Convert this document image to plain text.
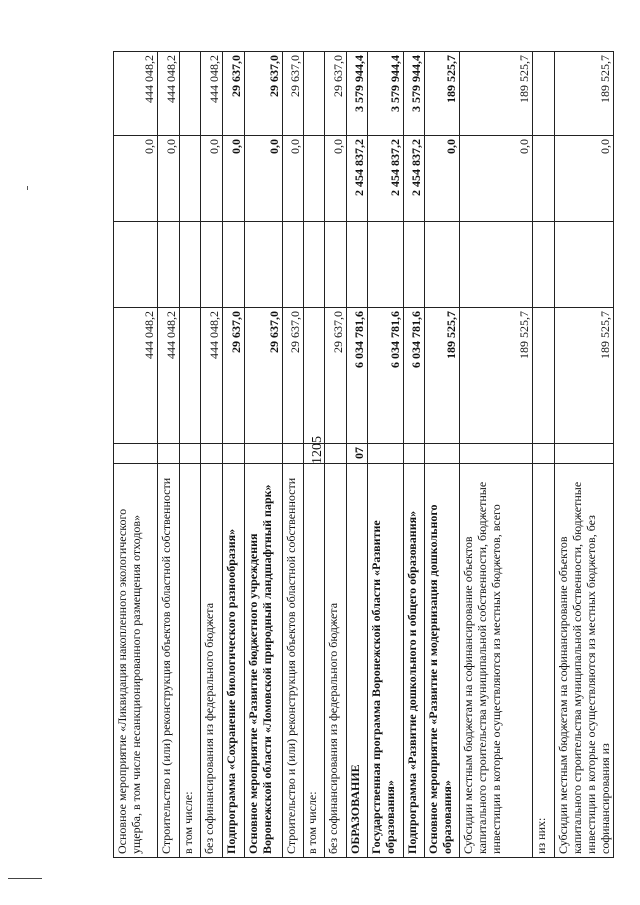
1205
Основное мероприятие «Ликвидация накопленного экологического ущерба, в том числе несанкционированного размещения отходов»		444 048,2		0,0	444 048,2
Строительство и (или) реконструкция объектов областной собственности		444 048,2		0,0	444 048,2
в том числе:					
без софинансирования из федерального бюджета		444 048,2		0,0	444 048,2
Подпрограмма «Сохранение биологического разнообразия»		29 637,0		0,0	29 637,0
Основное мероприятие «Развитие бюджетного учреждения Воронежской области «Ломовской природный ландшафтный парк»		29 637,0		0,0	29 637,0
Строительство и (или) реконструкция объектов областной собственности		29 637,0		0,0	29 637,0
в том числе:					
без софинансирования из федерального бюджета		29 637,0		0,0	29 637,0
ОБРАЗОВАНИЕ	07	6 034 781,6		2 454 837,2	3 579 944,4
Государственная программа Воронежской области «Развитие образования»		6 034 781,6		2 454 837,2	3 579 944,4
Подпрограмма «Развитие дошкольного и общего образования»		6 034 781,6		2 454 837,2	3 579 944,4
Основное мероприятие «Развитие и модернизация дошкольного образования»		189 525,7		0,0	189 525,7
Субсидии местным бюджетам на софинансирование объектов капитального строительства муниципальной собственности, бюджетные инвестиции в которые осуществляются из местных бюджетов, всего		189 525,7		0,0	189 525,7
из них:					
Субсидии местным бюджетам на софинансирование объектов капитального строительства муниципальной собственности, бюджетные инвестиции в которые осуществляются из местных бюджетов, без софинансирования из		189 525,7		0,0	189 525,7
